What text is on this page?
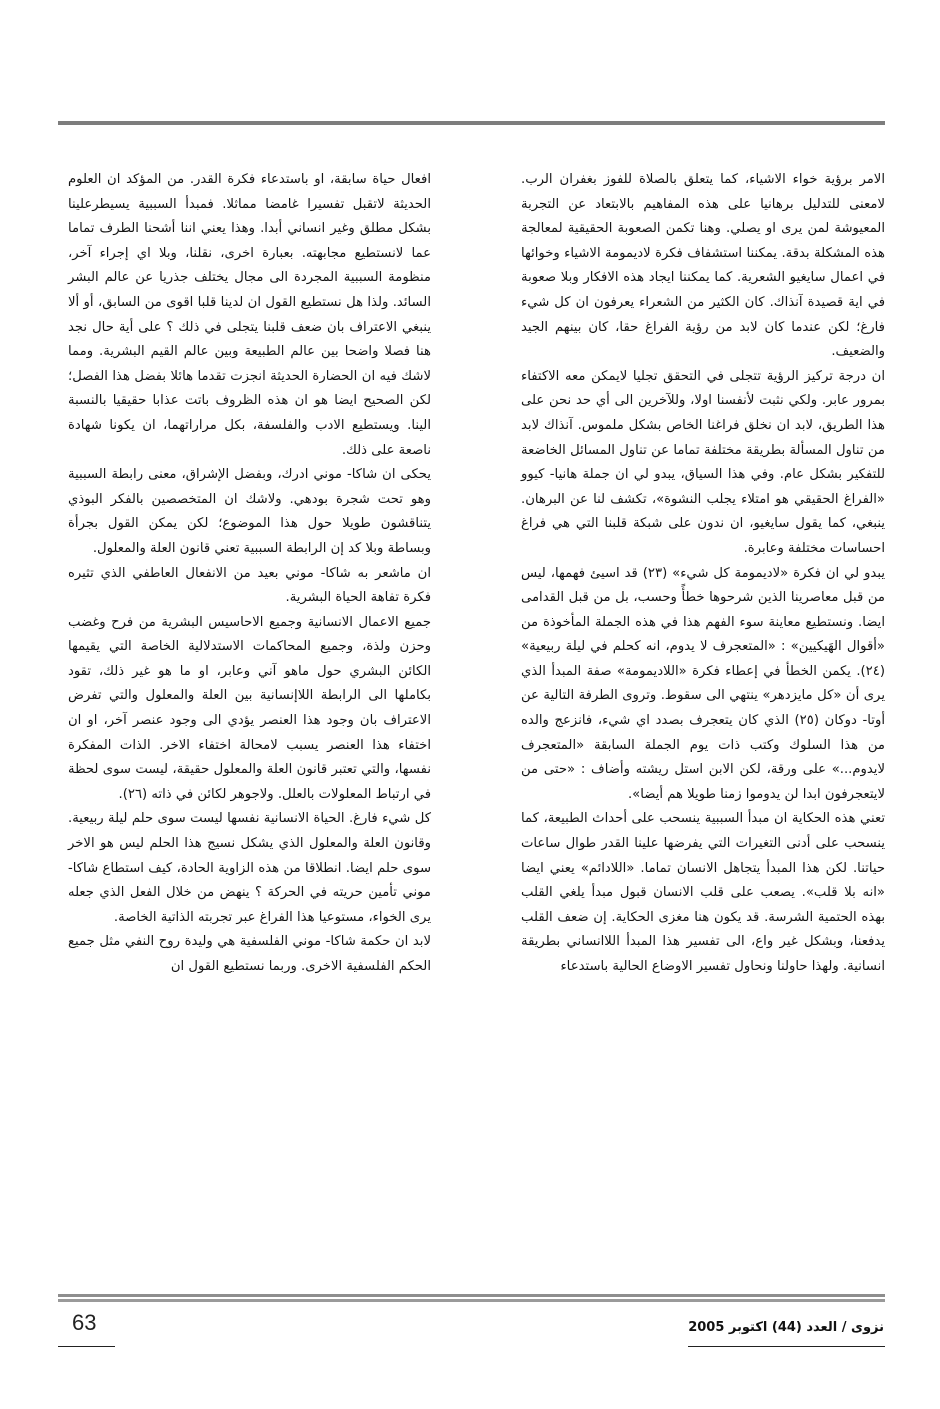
الامر برؤية خواء الاشياء، كما يتعلق بالصلاة للفوز بغفران الرب. لامعنى للتدليل برهانيا على هذه المفاهيم بالابتعاد عن التجربة المعيوشة لمن يرى او يصلي. وهنا تكمن الصعوبة الحقيقية لمعالجة هذه المشكلة بدقة. يمكننا استشفاف فكرة لاديمومة الاشياء وخوائها في اعمال سايغيو الشعرية. كما يمكننا ايجاد هذه الافكار وبلا صعوبة في اية قصيدة آنذاك. كان الكثير من الشعراء يعرفون ان كل شيء فارغ؛ لكن عندما كان لابد من رؤية الفراغ حقا، كان بينهم الجيد والضعيف.

ان درجة تركيز الرؤية تتجلى في التحقق تجليا لايمكن معه الاكتفاء بمرور عابر. ولكي نثبت لأنفسنا اولا، وللآخرين الى أي حد نحن على هذا الطريق، لابد ان نخلق فراغنا الخاص بشكل ملموس. آنذاك لابد من تناول المسألة بطريقة مختلفة تماما عن تناول المسائل الخاضعة للتفكير بشكل عام. وفي هذا السياق، يبدو لي ان جملة هانيا- كيوو «الفراغ الحقيقي هو امتلاء يجلب النشوة»، تكشف لنا عن البرهان. ينبغي، كما يقول سايغيو، ان ندون على شبكة قلبنا التي هي فراغ احساسات مختلفة وعابرة.

يبدو لي ان فكرة «لاديمومة كل شيء» (٢٣) قد اسيئ فهمها، ليس من قبل معاصرينا الذين شرحوها خطأً وحسب، بل من قبل القدامى ايضا. ونستطيع معاينة سوء الفهم هذا في هذه الجملة المأخوذة من «أقوال الهَيكيين» : «المتعجرف لا يدوم، انه كحلم في ليلة ربيعية» (٢٤). يكمن الخطأ في إعطاء فكرة «اللاديمومة» صفة المبدأ الذي يرى أن «كل مايزدهر» ينتهي الى سقوط. وتروى الطرفة التالية عن أوتا- دوكان (٢٥) الذي كان يتعجرف بصدد اي شيء، فانزعج والده من هذا السلوك وكتب ذات يوم الجملة السابقة «المتعجرف لايدوم...» على ورقة، لكن الابن استل ريشته وأضاف : «حتى من لايتعجرفون ابدا لن يدوموا زمنا طويلا هم أيضا».

تعني هذه الحكاية ان مبدأ السببية ينسحب على أحداث الطبيعة، كما ينسحب على أدنى التغيرات التي يفرضها علينا القدر طوال ساعات حياتنا. لكن هذا المبدأ يتجاهل الانسان تماما. «اللادائم» يعني ايضا «انه بلا قلب». يصعب على قلب الانسان قبول مبدأ يلغي القلب بهذه الحتمية الشرسة. قد يكون هنا مغزى الحكاية. إن ضعف القلب يدفعنا، وبشكل غير واع، الى تفسير هذا المبدأ اللاانساني بطريقة انسانية. ولهذا حاولنا ونحاول تفسير الاوضاع الحالية باستدعاء

افعال حياة سابقة، او باستدعاء فكرة القدر. من المؤكد ان العلوم الحديثة لاتقبل تفسيرا غامضا مماثلا. فمبدأ السببية يسيطرعلينا بشكل مطلق وغير انساني أبدا. وهذا يعني اننا أشحنا الطرف تماما عما لانستطيع مجابهته. بعبارة اخرى، نقلنا، وبلا اي إجراء آخر، منظومة السببية المجردة الى مجال يختلف جذريا عن عالم البشر السائد. ولذا هل نستطيع القول ان لدينا قلبا اقوى من السابق، أو ألا ينبغي الاعتراف بان ضعف قلبنا يتجلى في ذلك ؟ على أية حال نجد هنا فصلا واضحا بين عالم الطبيعة وبين عالم القيم البشرية. ومما لاشك فيه ان الحضارة الحديثة انجزت تقدما هائلا بفضل هذا الفصل؛ لكن الصحيح ايضا هو ان هذه الظروف باتت عذابا حقيقيا بالنسبة الينا. ويستطيع الادب والفلسفة، بكل مراراتهما، ان يكونا شهادة ناصعة على ذلك.

يحكى ان شاكا- موني ادرك، وبفضل الإشراق، معنى رابطة السببية وهو تحت شجرة بودهي. ولاشك ان المتخصصين بالفكر البوذي يتناقشون طويلا حول هذا الموضوع؛ لكن يمكن القول بجرأة وبساطة وبلا كد إن الرابطة السببية تعني قانون العلة والمعلول.

ان ماشعر به شاكا- موني بعيد من الانفعال العاطفي الذي تثيره فكرة تفاهة الحياة البشرية.

جميع الاعمال الانسانية وجميع الاحاسيس البشرية من فرح وغضب وحزن ولذة، وجميع المحاكمات الاستدلالية الخاصة التي يقيمها الكائن البشري حول ماهو آني وعابر، او ما هو غير ذلك، تقود بكاملها الى الرابطة اللاإنسانية بين العلة والمعلول والتي تفرض الاعتراف بان وجود هذا العنصر يؤدي الى وجود عنصر آخر، او ان اختفاء هذا العنصر يسبب لامحالة اختفاء الاخر. الذات المفكرة نفسها، والتي تعتبر قانون العلة والمعلول حقيقة، ليست سوى لحظة في ارتباط المعلولات بالعلل. ولاجوهر لكائن في ذاته (٢٦).

كل شيء فارغ. الحياة الانسانية نفسها ليست سوى حلم ليلة ربيعية. وقانون العلة والمعلول الذي يشكل نسيج هذا الحلم ليس هو الاخر سوى حلم ايضا. انطلاقا من هذه الزاوية الحادة، كيف استطاع شاكا- موني تأمين حريته في الحركة ؟ ينهض من خلال الفعل الذي جعله يرى الخواء، مستوعيا هذا الفراغ عبر تجربته الذاتية الخاصة.

لابد ان حكمة شاكا- موني الفلسفية هي وليدة روح النفي مثل جميع الحكم الفلسفية الاخرى. وربما نستطيع القول ان

63	نزوى / العدد (44) اكتوبر 2005
